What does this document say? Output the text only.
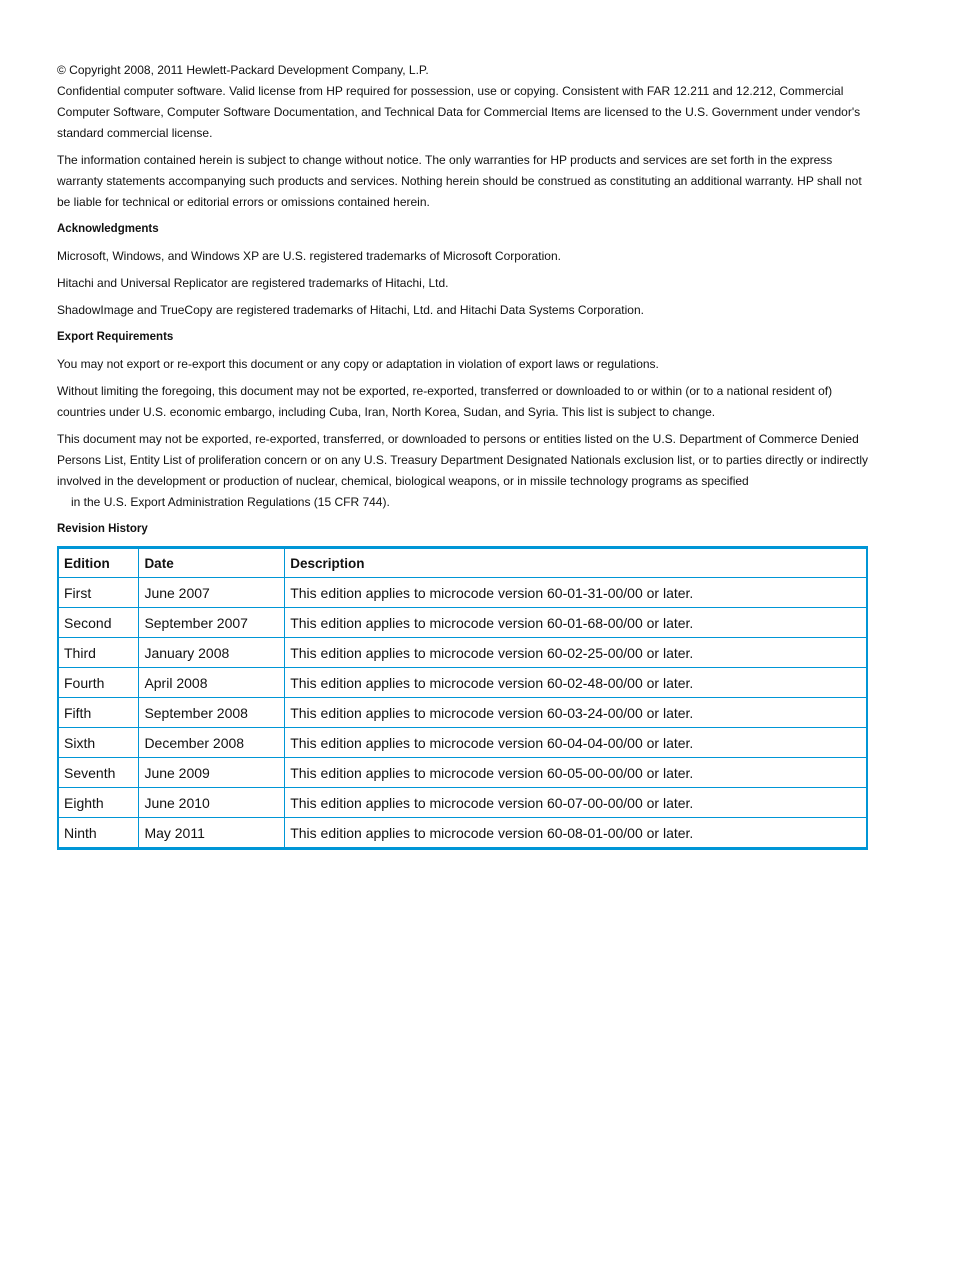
© Copyright 2008, 2011 Hewlett-Packard Development Company, L.P.

Confidential computer software. Valid license from HP required for possession, use or copying. Consistent with FAR 12.211 and 12.212, Commercial Computer Software, Computer Software Documentation, and Technical Data for Commercial Items are licensed to the U.S. Government under vendor's standard commercial license.

The information contained herein is subject to change without notice. The only warranties for HP products and services are set forth in the express warranty statements accompanying such products and services. Nothing herein should be construed as constituting an additional warranty. HP shall not be liable for technical or editorial errors or omissions contained herein.

Acknowledgments

Microsoft, Windows, and Windows XP are U.S. registered trademarks of Microsoft Corporation.

Hitachi and Universal Replicator are registered trademarks of Hitachi, Ltd.

ShadowImage and TrueCopy are registered trademarks of Hitachi, Ltd. and Hitachi Data Systems Corporation.

Export Requirements

You may not export or re-export this document or any copy or adaptation in violation of export laws or regulations.

Without limiting the foregoing, this document may not be exported, re-exported, transferred or downloaded to or within (or to a national resident of) countries under U.S. economic embargo, including Cuba, Iran, North Korea, Sudan, and Syria. This list is subject to change.

This document may not be exported, re-exported, transferred, or downloaded to persons or entities listed on the U.S. Department of Commerce Denied Persons List, Entity List of proliferation concern or on any U.S. Treasury Department Designated Nationals exclusion list, or to parties directly or indirectly involved in the development or production of nuclear, chemical, biological weapons, or in missile technology programs as specified
in the U.S. Export Administration Regulations (15 CFR 744).

Revision History

Edition	Date	Description
First	June 2007	This edition applies to microcode version 60-01-31-00/00 or later.
Second	September 2007	This edition applies to microcode version 60-01-68-00/00 or later.
Third	January 2008	This edition applies to microcode version 60-02-25-00/00 or later.
Fourth	April 2008	This edition applies to microcode version 60-02-48-00/00 or later.
Fifth	September 2008	This edition applies to microcode version 60-03-24-00/00 or later.
Sixth	December 2008	This edition applies to microcode version 60-04-04-00/00 or later.
Seventh	June 2009	This edition applies to microcode version 60-05-00-00/00 or later.
Eighth	June 2010	This edition applies to microcode version 60-07-00-00/00 or later.
Ninth	May 2011	This edition applies to microcode version 60-08-01-00/00 or later.
